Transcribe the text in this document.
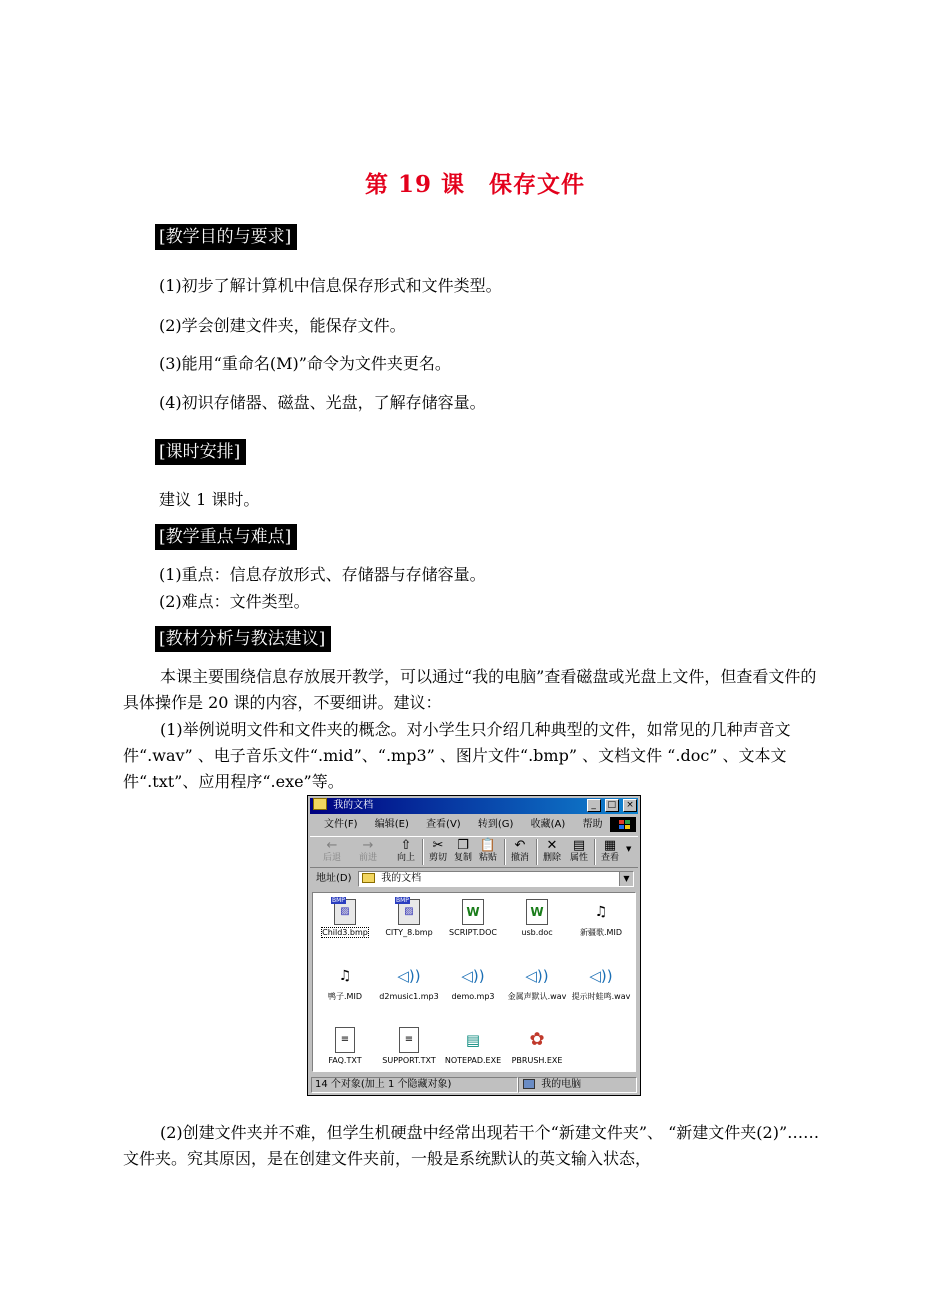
第 19 课　保存文件
[教学目的与要求]
(1)初步了解计算机中信息保存形式和文件类型。
(2)学会创建文件夹，能保存文件。
(3)能用“重命名(M)”命令为文件夹更名。
(4)初识存储器、磁盘、光盘，了解存储容量。
[课时安排]
建议 1 课时。
[教学重点与难点]
(1)重点：信息存放形式、存储器与存储容量。
(2)难点：文件类型。
[教材分析与教法建议]

本课主要围绕信息存放展开教学，可以通过“我的电脑”查看磁盘或光盘上文件，但查看文件的具体操作是 20 课的内容，不要细讲。建议：

(1)举例说明文件和文件夹的概念。对小学生只介绍几种典型的文件，如常见的几种声音文件“.wav” 、电子音乐文件“.mid”、“.mp3” 、图片文件“.bmp” 、文档文件 “.doc” 、文本文件“.txt”、应用程序“.exe”等。

我的文档	_ □ ×
文件(F) 编辑(E) 查看(V) 转到(G) 收藏(A) 帮助
←
后退
→
前进
⇧
向上
✂
剪切
❐
复制
📋
粘贴
↶
撤消
✕
删除
▤
属性
▦
查看
▼
地址(D)	我的文档	▼
▨
BMP
Child3.bmp
▨
BMP
CITY_8.bmp
W
SCRIPT.DOC
W
usb.doc
♫
新疆歌.MID
♫
鸭子.MID
◁))
d2music1.mp3
◁))
demo.mp3
◁))
金属声默认.wav
◁))
提示时蛙鸣.wav
≡
FAQ.TXT
≡
SUPPORT.TXT
▤
NOTEPAD.EXE
✿
PBRUSH.EXE
14 个对象(加上 1 个隐藏对象)	我的电脑

(2)创建文件夹并不难，但学生机硬盘中经常出现若干个“新建文件夹”、 “新建文件夹(2)”……文件夹。究其原因，是在创建文件夹前，一般是系统默认的英文输入状态，
